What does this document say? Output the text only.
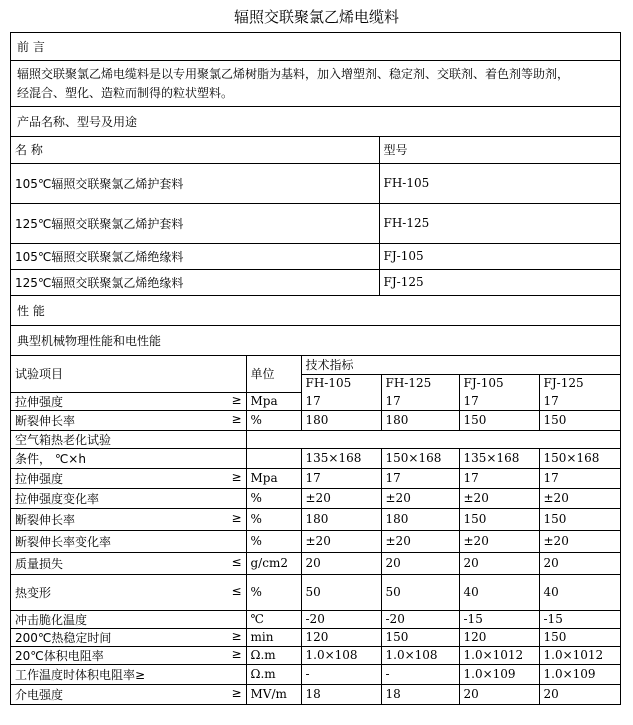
辐照交联聚氯乙烯电缆料
前 言
辐照交联聚氯乙烯电缆料是以专用聚氯乙烯树脂为基料，加入增塑剂、稳定剂、交联剂、着色剂等助剂，
经混合、塑化、造粒而制得的粒状塑料。
产品名称、型号及用途
名 称	型号
105℃辐照交联聚氯乙烯护套料	FH-105
125℃辐照交联聚氯乙烯护套料	FH-125
105℃辐照交联聚氯乙烯绝缘料	FJ-105
125℃辐照交联聚氯乙烯绝缘料	FJ-125
性 能
典型机械物理性能和电性能
试验项目	单位	技术指标			
		FH-105	FH-125	FJ-105	FJ-125
拉伸强度 ≥	Mpa	17	17	17	17
断裂伸长率 ≥	%	180	180	150	150
空气箱热老化试验				

条件， ℃×h		135×168	150×168	135×168	150×168
拉伸强度 ≥	Mpa	17	17	17	17
拉伸强度变化率	%	±20	±20	±20	±20
断裂伸长率 ≥	%	180	180	150	150
断裂伸长率变化率	%	±20	±20	±20	±20
质量损失 ≤	g/cm2	20	20	20	20
热变形 ≤	%	50	50	40	40
冲击脆化温度	℃	-20	-20	-15	-15
200℃热稳定时间 ≥	min	120	150	120	150
20℃体积电阻率 ≥	Ω.m	1.0×108	1.0×108	1.0×1012	1.0×1012
工作温度时体积电阻率≥	Ω.m	-	-	1.0×109	1.0×109
介电强度 ≥	MV/m	18	18	20	20
